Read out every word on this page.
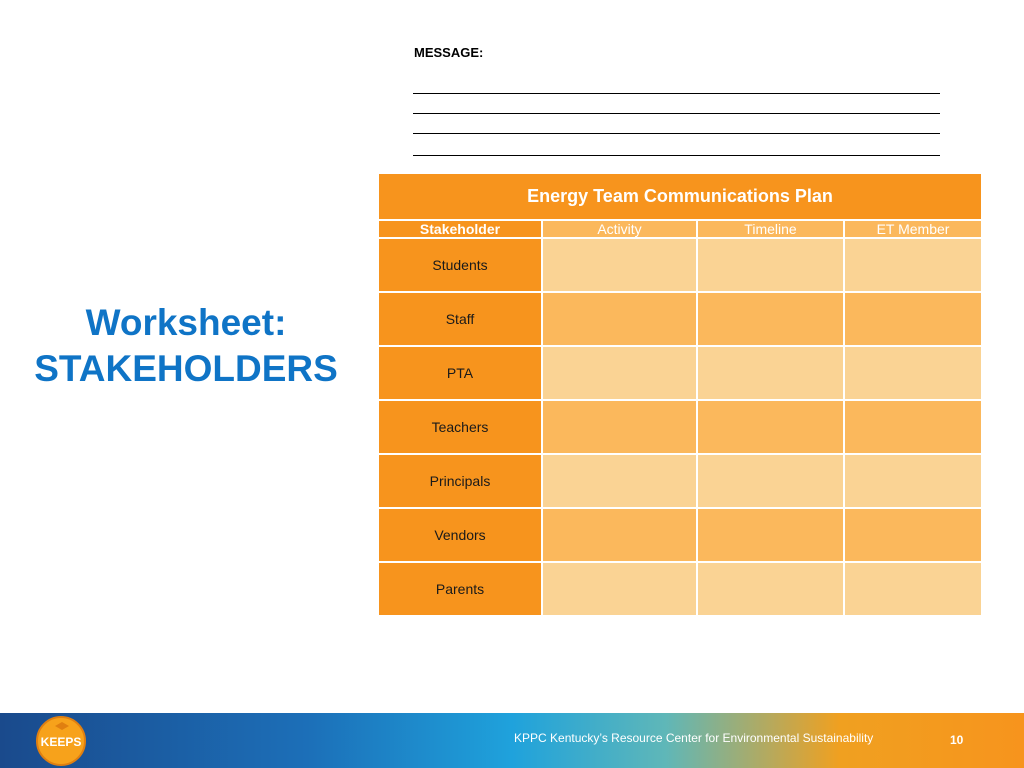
Worksheet:
STAKEHOLDERS
MESSAGE:
Energy Team Communications Plan			
Stakeholder	Activity	Timeline	ET Member
Students			
Staff			
PTA			
Teachers			
Principals			
Vendors			
Parents			
KEEPS	KPPC Kentucky’s Resource Center for Environmental Sustainability	10
